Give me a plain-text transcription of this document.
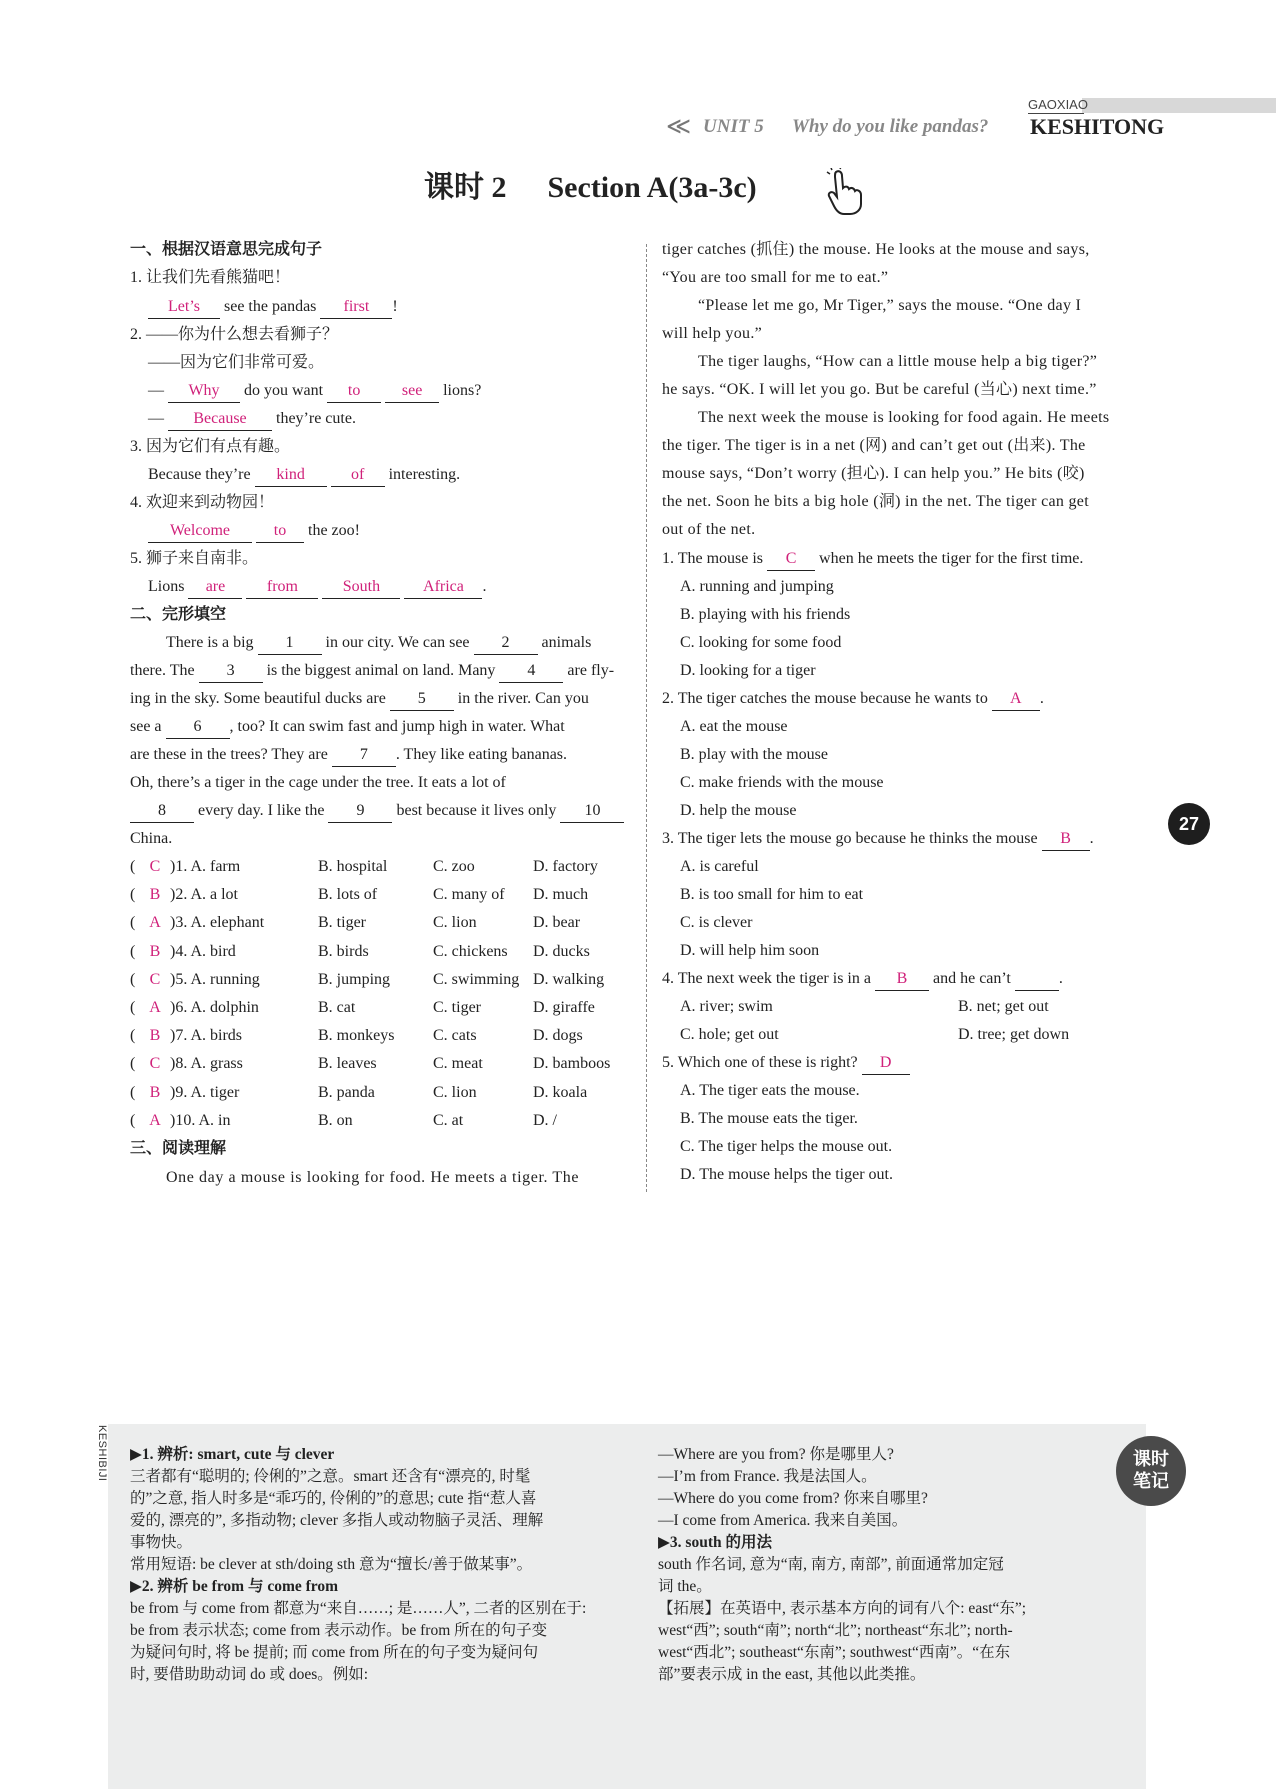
GAOXIAO
≪ UNIT 5 Why do you like pandas? KESHITONG
课时 2 Section A(3a-3c)
一、根据汉语意思完成句子
1. 让我们先看熊猫吧！
Let’s see the pandas first !
2. ——你为什么想去看狮子？
——因为它们非常可爱。
— Why do you want to	see lions?
— Because they’re cute.
3. 因为它们有点有趣。
Because they’re kind	of interesting.
4. 欢迎来到动物园！
Welcome	to the zoo!
5. 狮子来自南非。
Lions are	from	South	Africa .
二、完形填空
There is a big 1 in our city. We can see 2 animals
there. The 3 is the biggest animal on land. Many 4 are fly-
ing in the sky. Some beautiful ducks are 5 in the river. Can you
see a 6 , too? It can swim fast and jump high in water. What
are these in the trees? They are 7 . They like eating bananas.
Oh, there’s a tiger in the cage under the tree. It eats a lot of
8 every day. I like the 9 best because it lives only 10
China.
(	C	)1. A. farm	B. hospital	C. zoo	D. factory
(	B	)2. A. a lot	B. lots of	C. many of	D. much
(	A	)3. A. elephant	B. tiger	C. lion	D. bear
(	B	)4. A. bird	B. birds	C. chickens	D. ducks
(	C	)5. A. running	B. jumping	C. swimming	D. walking
(	A	)6. A. dolphin	B. cat	C. tiger	D. giraffe
(	B	)7. A. birds	B. monkeys	C. cats	D. dogs
(	C	)8. A. grass	B. leaves	C. meat	D. bamboos
(	B	)9. A. tiger	B. panda	C. lion	D. koala
(	A	)10. A. in	B. on	C. at	D. /
三、阅读理解
One day a mouse is looking for food. He meets a tiger. The
tiger catches (抓住) the mouse. He looks at the mouse and says,
“You are too small for me to eat.”
“Please let me go, Mr Tiger,” says the mouse. “One day I
will help you.”
The tiger laughs, “How can a little mouse help a big tiger?”
he says. “OK. I will let you go. But be careful (当心) next time.”
The next week the mouse is looking for food again. He meets
the tiger. The tiger is in a net (网) and can’t get out (出来). The
mouse says, “Don’t worry (担心). I can help you.” He bits (咬)
the net. Soon he bits a big hole (洞) in the net. The tiger can get
out of the net.
1. The mouse is C when he meets the tiger for the first time.
A. running and jumping
B. playing with his friends
C. looking for some food
D. looking for a tiger
2. The tiger catches the mouse because he wants to A .
A. eat the mouse
B. play with the mouse
C. make friends with the mouse
D. help the mouse
3. The tiger lets the mouse go because he thinks the mouse B .
A. is careful
B. is too small for him to eat
C. is clever
D. will help him soon
4. The next week the tiger is in a B and he can’t	.
A. river; swim	B. net; get out
C. hole; get out	D. tree; get down
5. Which one of these is right? D
A. The tiger eats the mouse.
B. The mouse eats the tiger.
C. The tiger helps the mouse out.
D. The mouse helps the tiger out.
27
KESHIBIJI ▶1. 辨析: smart, cute 与 clever
三者都有“聪明的; 伶俐的”之意。smart 还含有“漂亮的, 时髦
的”之意, 指人时多是“乖巧的, 伶俐的”的意思; cute 指“惹人喜
爱的, 漂亮的”, 多指动物; clever 多指人或动物脑子灵活、理解
事物快。
常用短语: be clever at sth/doing sth 意为“擅长/善于做某事”。
▶2. 辨析 be from 与 come from
be from 与 come from 都意为“来自……; 是……人”, 二者的区别在于:
be from 表示状态; come from 表示动作。be from 所在的句子变
为疑问句时, 将 be 提前; 而 come from 所在的句子变为疑问句
时, 要借助助动词 do 或 does。例如:
—Where are you from? 你是哪里人?
—I’m from France. 我是法国人。
—Where do you come from? 你来自哪里?
—I come from America. 我来自美国。
▶3. south 的用法
south 作名词, 意为“南, 南方, 南部”, 前面通常加定冠
词 the。
【拓展】在英语中, 表示基本方向的词有八个: east“东”;
west“西”; south“南”; north“北”; northeast“东北”; north-
west“西北”; southeast“东南”; southwest“西南”。“在东
部”要表示成 in the east, 其他以此类推。
课时
笔记
